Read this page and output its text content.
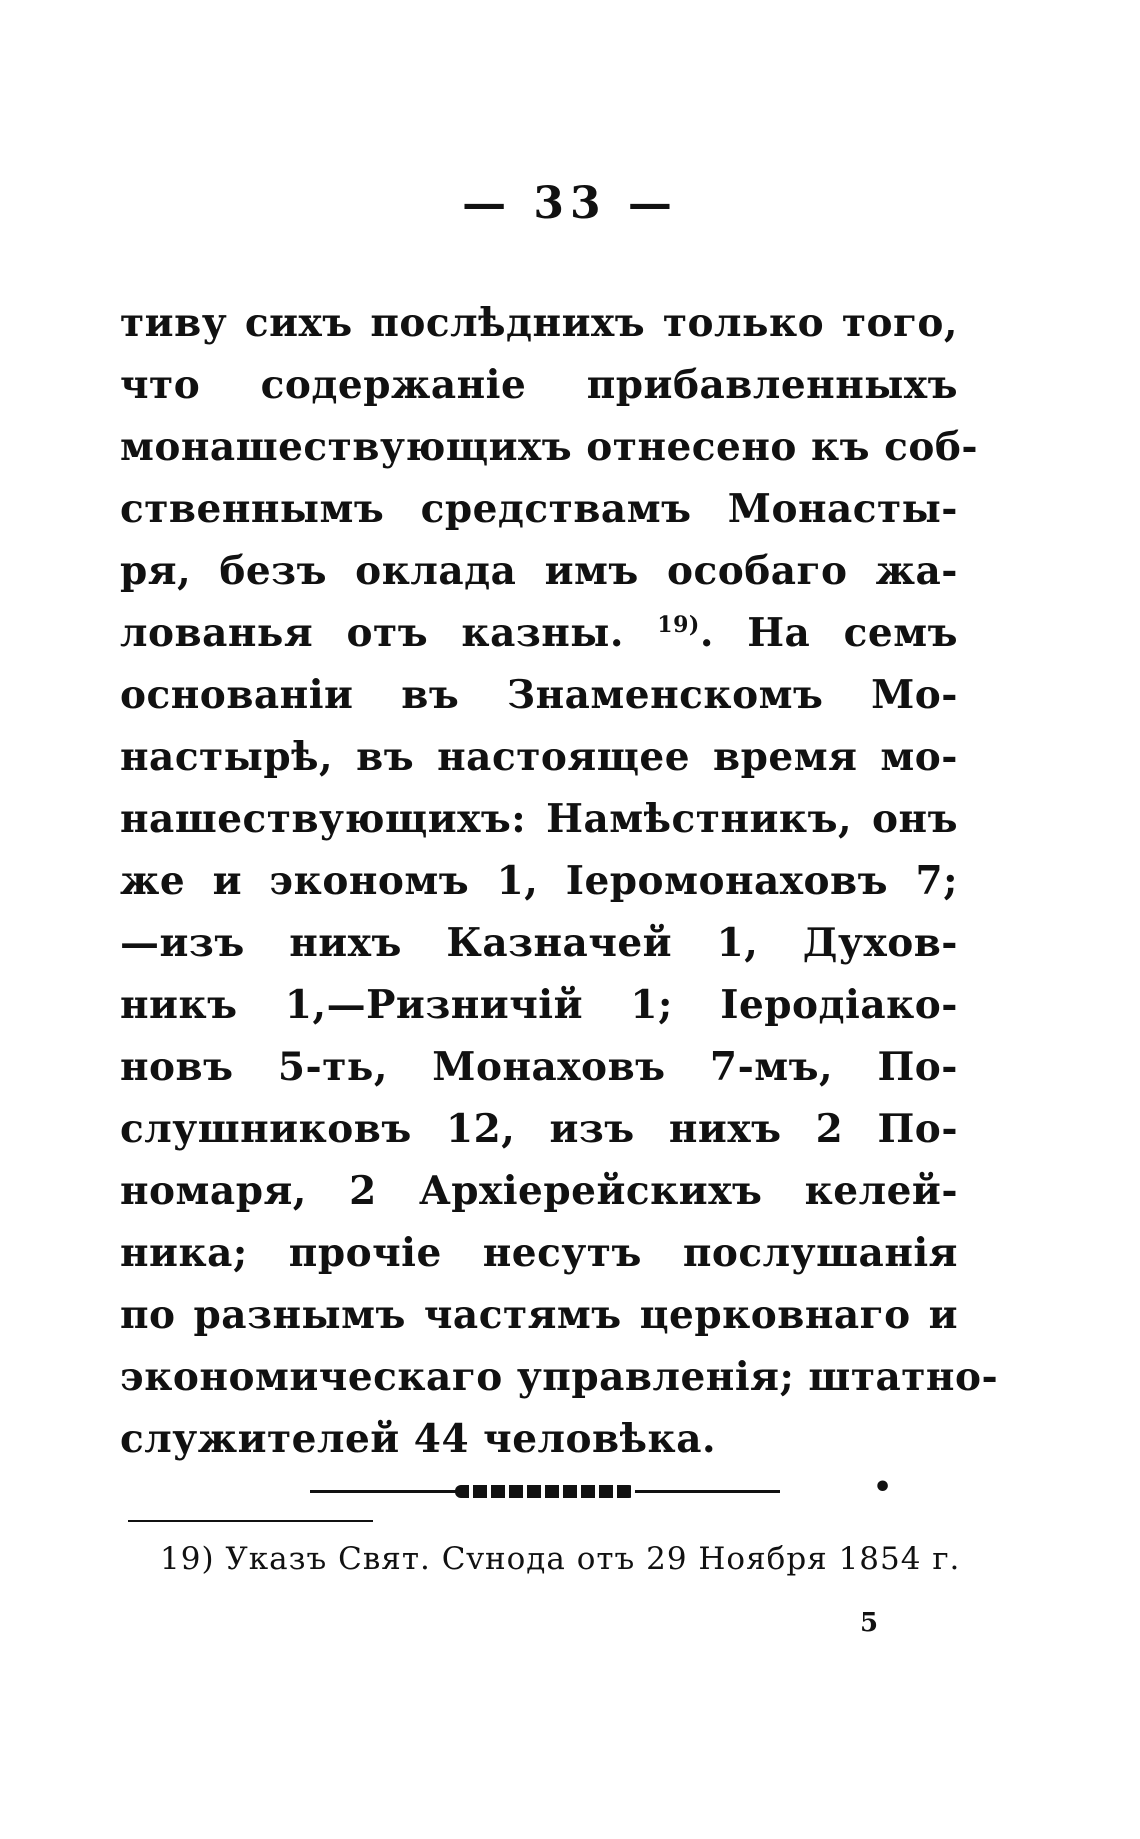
— 33 —
тиву сихъ послѣднихъ только того,
что содержаніе прибавленныхъ
монашествующихъ отнесено къ соб-
ственнымъ средствамъ Монасты-
ря, безъ оклада имъ особаго жа-
лованья отъ казны. $^{19)}$. На семъ
основаніи въ Знаменскомъ Мо-
настырѣ, въ настоящее время мо-
нашествующихъ: Намѣстникъ, онъ
же и экономъ 1, Іеромонаховъ 7;
—изъ нихъ Казначей 1, Духов-
никъ 1,—Ризничій 1; Іеродіако-
новъ 5-ть, Монаховъ 7-мъ, По-
слушниковъ 12, изъ нихъ 2 По-
номаря, 2 Архіерейскихъ келей-
ника; прочіе несутъ послушанія
по разнымъ частямъ церковнаго и
экономическаго управленія; штатно-
служителей 44 человѣка.
•
19) Указъ Свят. Сvнода отъ 29 Ноября 1854 г.
5
